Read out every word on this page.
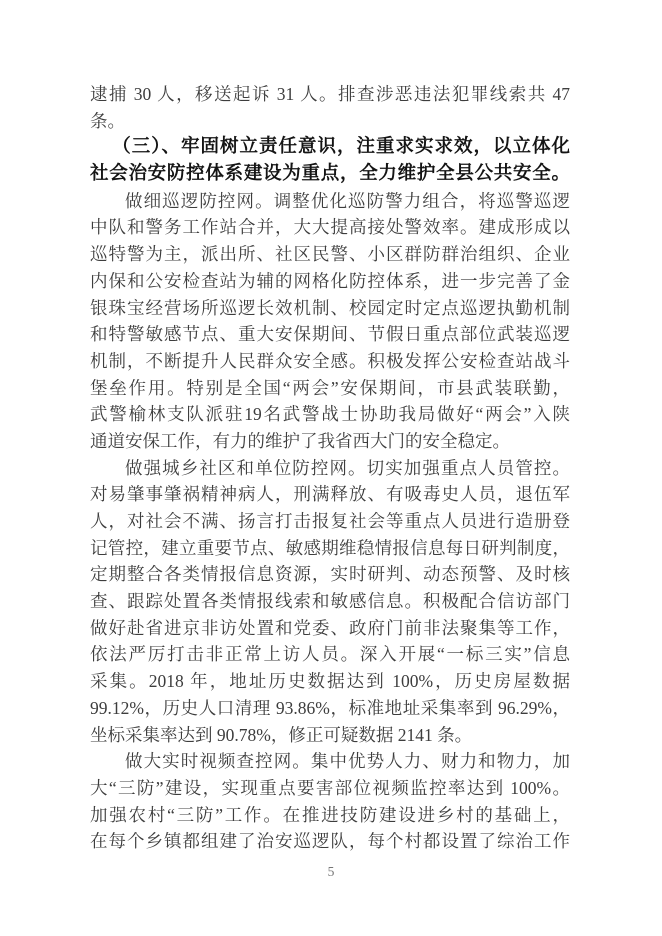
逮捕 30 人，移送起诉 31 人。排查涉恶违法犯罪线索共 47
条。
（三）、牢固树立责任意识，注重求实求效，以立体化
社会治安防控体系建设为重点，全力维护全县公共安全。
做细巡逻防控网。调整优化巡防警力组合，将巡警巡逻
中队和警务工作站合并，大大提高接处警效率。建成形成以
巡特警为主，派出所、社区民警、小区群防群治组织、企业
内保和公安检查站为辅的网格化防控体系，进一步完善了金
银珠宝经营场所巡逻长效机制、校园定时定点巡逻执勤机制
和特警敏感节点、重大安保期间、节假日重点部位武装巡逻
机制，不断提升人民群众安全感。积极发挥公安检查站战斗
堡垒作用。特别是全国“两会”安保期间，市县武装联勤，
武警榆林支队派驻19名武警战士协助我局做好“两会”入陕
通道安保工作，有力的维护了我省西大门的安全稳定。
做强城乡社区和单位防控网。切实加强重点人员管控。
对易肇事肇祸精神病人，刑满释放、有吸毒史人员，退伍军
人，对社会不满、扬言打击报复社会等重点人员进行造册登
记管控，建立重要节点、敏感期维稳情报信息每日研判制度，
定期整合各类情报信息资源，实时研判、动态预警、及时核
查、跟踪处置各类情报线索和敏感信息。积极配合信访部门
做好赴省进京非访处置和党委、政府门前非法聚集等工作，
依法严厉打击非正常上访人员。深入开展“一标三实”信息
采集。2018 年，地址历史数据达到 100%，历史房屋数据
99.12%，历史人口清理 93.86%，标准地址采集率到 96.29%，
坐标采集率达到 90.78%，修正可疑数据 2141 条。
做大实时视频查控网。集中优势人力、财力和物力，加
大“三防”建设，实现重点要害部位视频监控率达到 100%。
加强农村“三防”工作。在推进技防建设进乡村的基础上，
在每个乡镇都组建了治安巡逻队，每个村都设置了综治工作
5
